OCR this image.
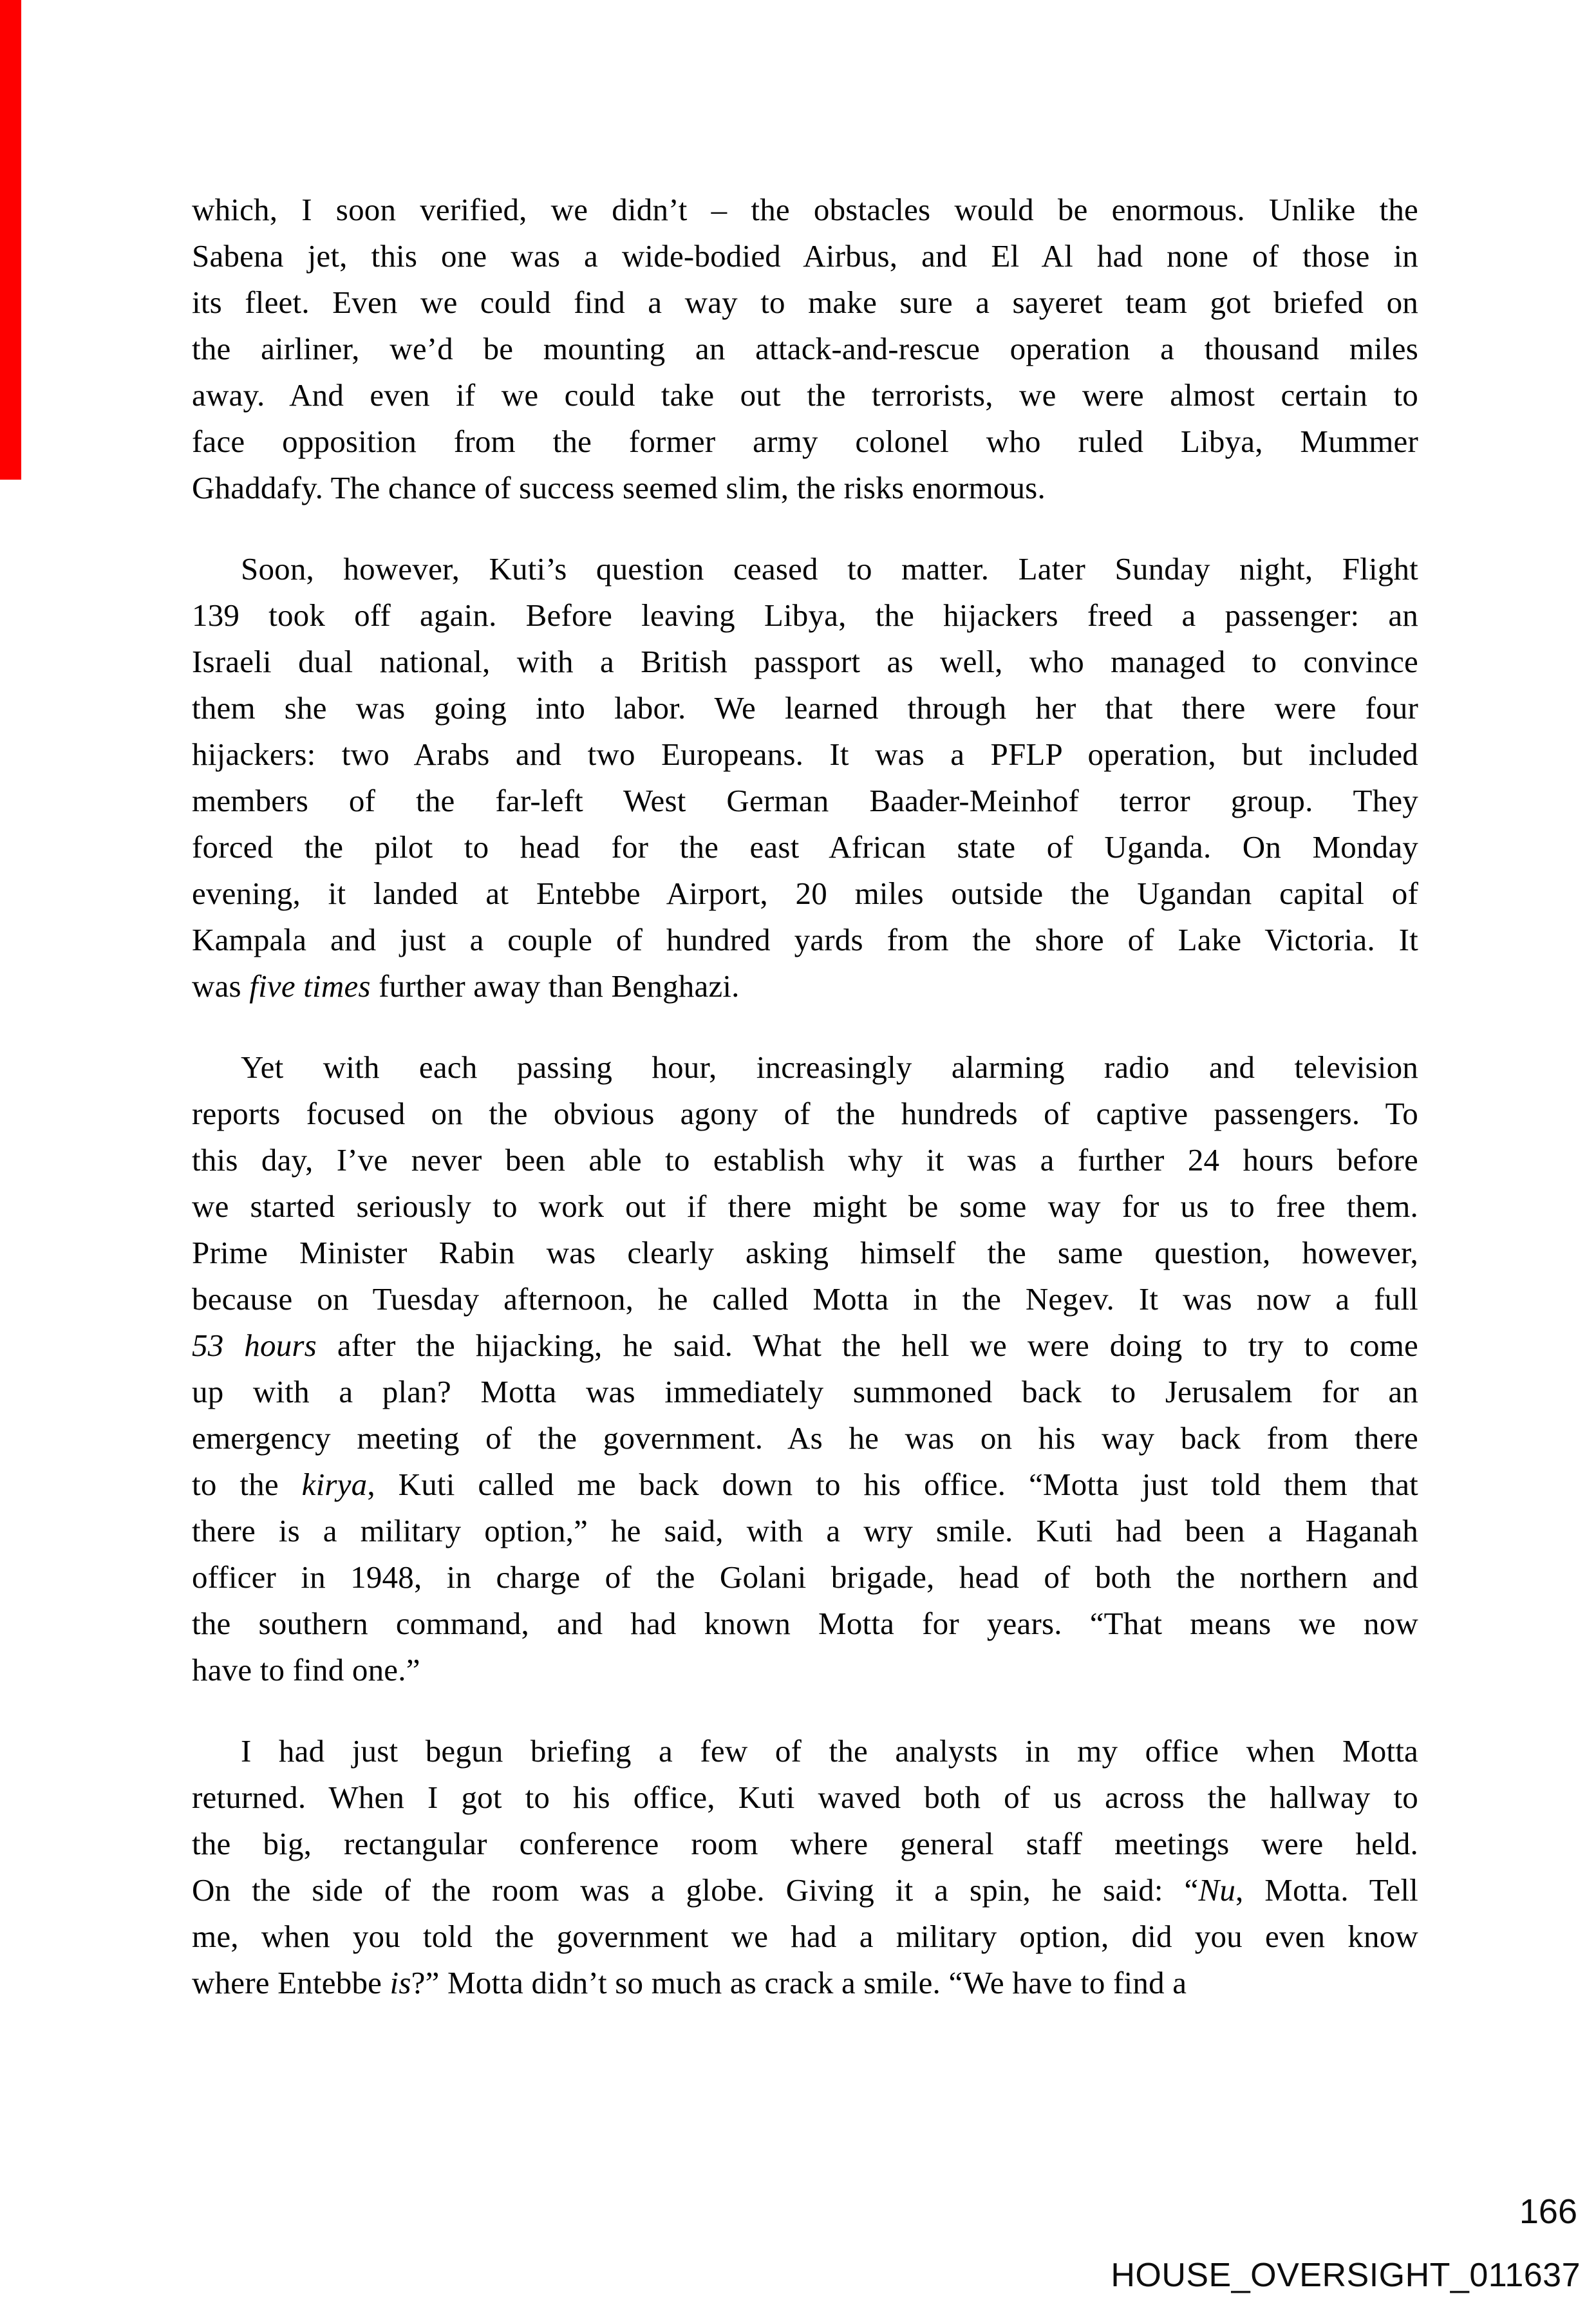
which, I soon verified, we didn’t – the obstacles would be enormous. Unlike the
Sabena jet, this one was a wide-bodied Airbus, and El Al had none of those in
its fleet. Even we could find a way to make sure a sayeret team got briefed on
the airliner, we’d be mounting an attack-and-rescue operation a thousand miles
away. And even if we could take out the terrorists, we were almost certain to
face opposition from the former army colonel who ruled Libya, Mummer
Ghaddafy. The chance of success seemed slim, the risks enormous.
Soon, however, Kuti’s question ceased to matter. Later Sunday night, Flight
139 took off again. Before leaving Libya, the hijackers freed a passenger: an
Israeli dual national, with a British passport as well, who managed to convince
them she was going into labor. We learned through her that there were four
hijackers: two Arabs and two Europeans. It was a PFLP operation, but included
members of the far-left West German Baader-Meinhof terror group. They
forced the pilot to head for the east African state of Uganda. On Monday
evening, it landed at Entebbe Airport, 20 miles outside the Ugandan capital of
Kampala and just a couple of hundred yards from the shore of Lake Victoria. It
was five times further away than Benghazi.
Yet with each passing hour, increasingly alarming radio and television
reports focused on the obvious agony of the hundreds of captive passengers. To
this day, I’ve never been able to establish why it was a further 24 hours before
we started seriously to work out if there might be some way for us to free them.
Prime Minister Rabin was clearly asking himself the same question, however,
because on Tuesday afternoon, he called Motta in the Negev. It was now a full
53 hours after the hijacking, he said. What the hell we were doing to try to come
up with a plan? Motta was immediately summoned back to Jerusalem for an
emergency meeting of the government. As he was on his way back from there
to the kirya, Kuti called me back down to his office. “Motta just told them that
there is a military option,” he said, with a wry smile. Kuti had been a Haganah
officer in 1948, in charge of the Golani brigade, head of both the northern and
the southern command, and had known Motta for years. “That means we now
have to find one.”
I had just begun briefing a few of the analysts in my office when Motta
returned. When I got to his office, Kuti waved both of us across the hallway to
the big, rectangular conference room where general staff meetings were held.
On the side of the room was a globe. Giving it a spin, he said: “Nu, Motta. Tell
me, when you told the government we had a military option, did you even know
where Entebbe is?” Motta didn’t so much as crack a smile. “We have to find a
166
HOUSE_OVERSIGHT_011637
